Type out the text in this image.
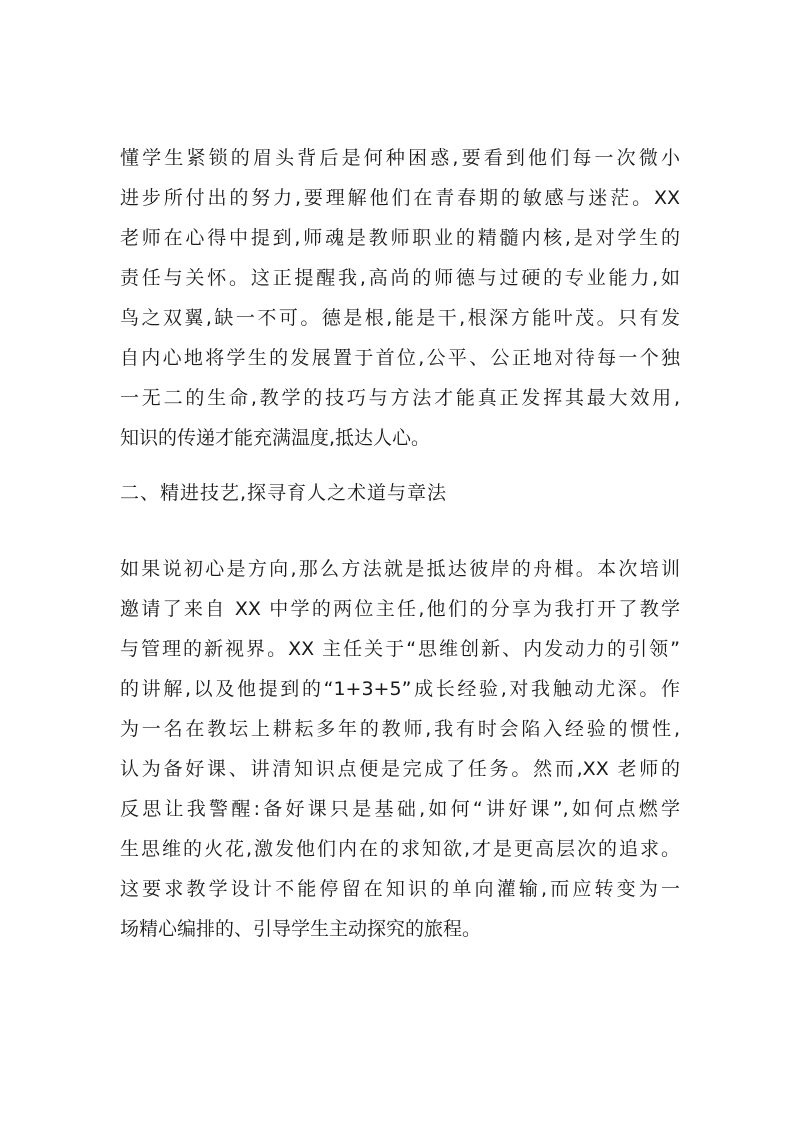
懂学生紧锁的眉头背后是何种困惑,要看到他们每一次微小
进步所付出的努力,要理解他们在青春期的敏感与迷茫。XX
老师在心得中提到,师魂是教师职业的精髓内核,是对学生的
责任与关怀。这正提醒我,高尚的师德与过硬的专业能力,如
鸟之双翼,缺一不可。德是根,能是干,根深方能叶茂。只有发
自内心地将学生的发展置于首位,公平、公正地对待每一个独
一无二的生命,教学的技巧与方法才能真正发挥其最大效用,
知识的传递才能充满温度,抵达人心。
二、精进技艺,探寻育人之术道与章法
如果说初心是方向,那么方法就是抵达彼岸的舟楫。本次培训
邀请了来自 XX 中学的两位主任,他们的分享为我打开了教学
与管理的新视界。XX 主任关于“思维创新、内发动力的引领”
的讲解,以及他提到的“1+3+5”成长经验,对我触动尤深。作
为一名在教坛上耕耘多年的教师,我有时会陷入经验的惯性,
认为备好课、讲清知识点便是完成了任务。然而,XX 老师的
反思让我警醒:备好课只是基础,如何“讲好课”,如何点燃学
生思维的火花,激发他们内在的求知欲,才是更高层次的追求。
这要求教学设计不能停留在知识的单向灌输,而应转变为一
场精心编排的、引导学生主动探究的旅程。
